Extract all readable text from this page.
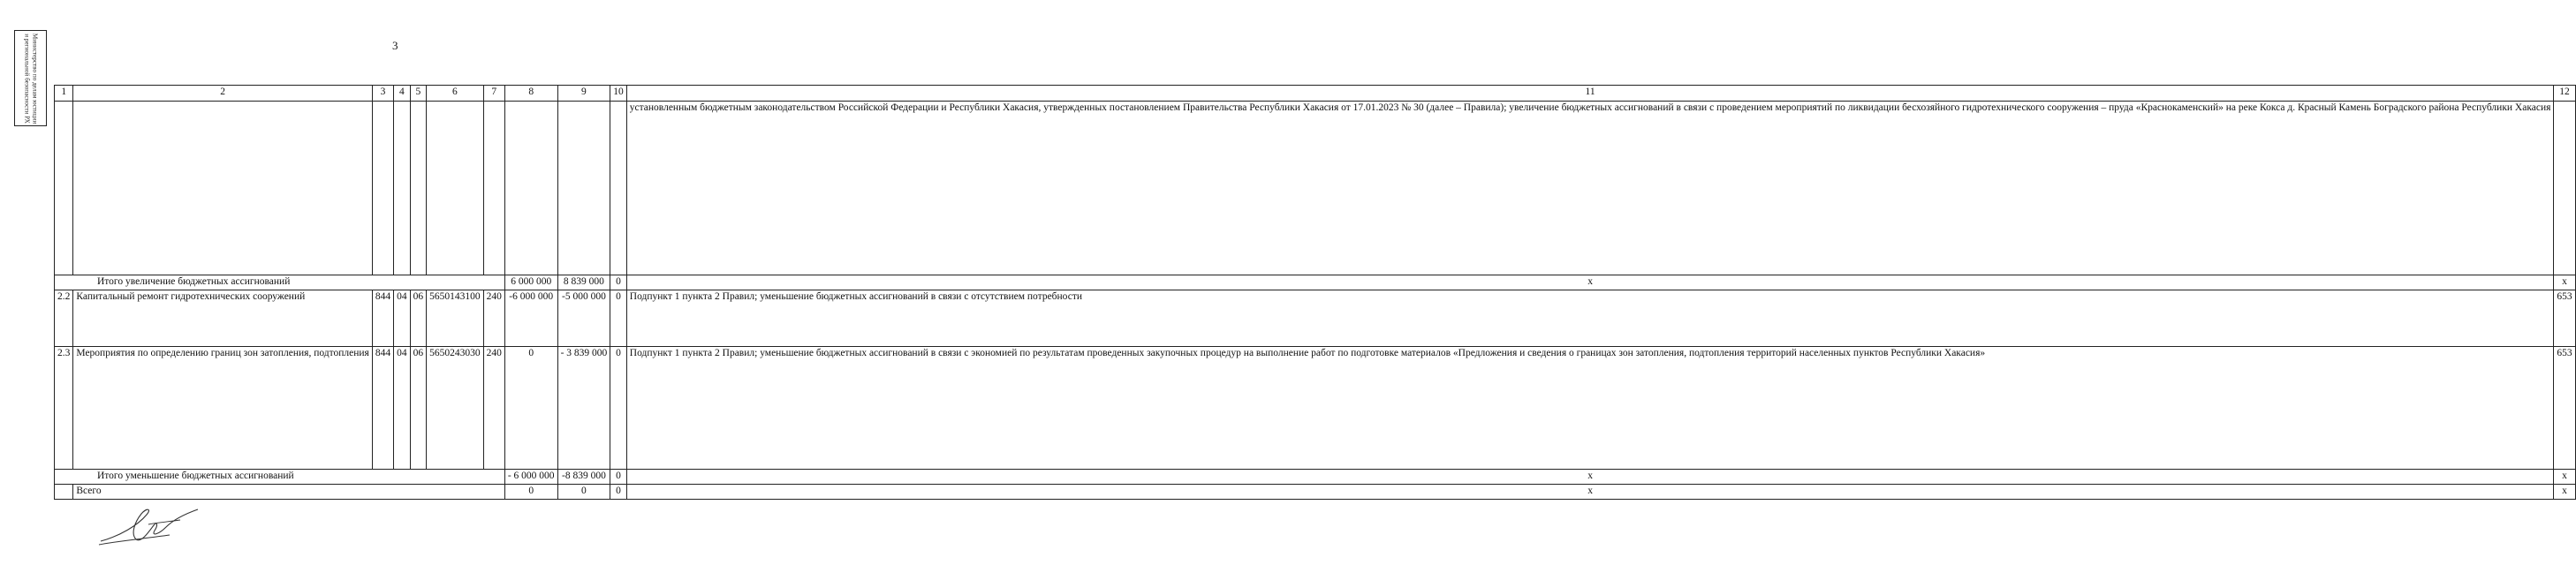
3
Министерство по делам юстиции и региональной безопасности РХ	1	2	3	4	5	6	7	8	9	10	11	12
										установленным бюджетным законодательством Российской Федерации и Республики Хакасия, утвержденных постановлением Правительства Республики Хакасия от 17.01.2023 № 30 (далее – Правила); увеличение бюджетных ассигнований в связи с проведением мероприятий по ликвидации бесхозяйного гидротехнического сооружения – пруда «Краснокаменский» на реке Кокса д. Красный Камень Боградского района Республики Хакасия	
Итого увеличение бюджетных ассигнований							6 000 000	8 839 000	0	х	х
2.2	Капитальный ремонт гидротехнических сооружений	844	04	06	5650143100	240	-6 000 000	-5 000 000	0	Подпункт 1 пункта 2 Правил; уменьшение бюджетных ассигнований в связи с отсутствием потребности	653
2.3	Мероприятия по определению границ зон затопления, подтопления	844	04	06	5650243030	240	0	- 3 839 000	0	Подпункт 1 пункта 2 Правил; уменьшение бюджетных ассигнований в связи с экономией по результатам проведенных закупочных процедур на выполнение работ по подготовке материалов «Предложения и сведения о границах зон затопления, подтопления территорий населенных пунктов Республики Хакасия»	653
Итого уменьшение бюджетных ассигнований							- 6 000 000	-8 839 000	0	х	х
	Всего						0	0	0	х	х
